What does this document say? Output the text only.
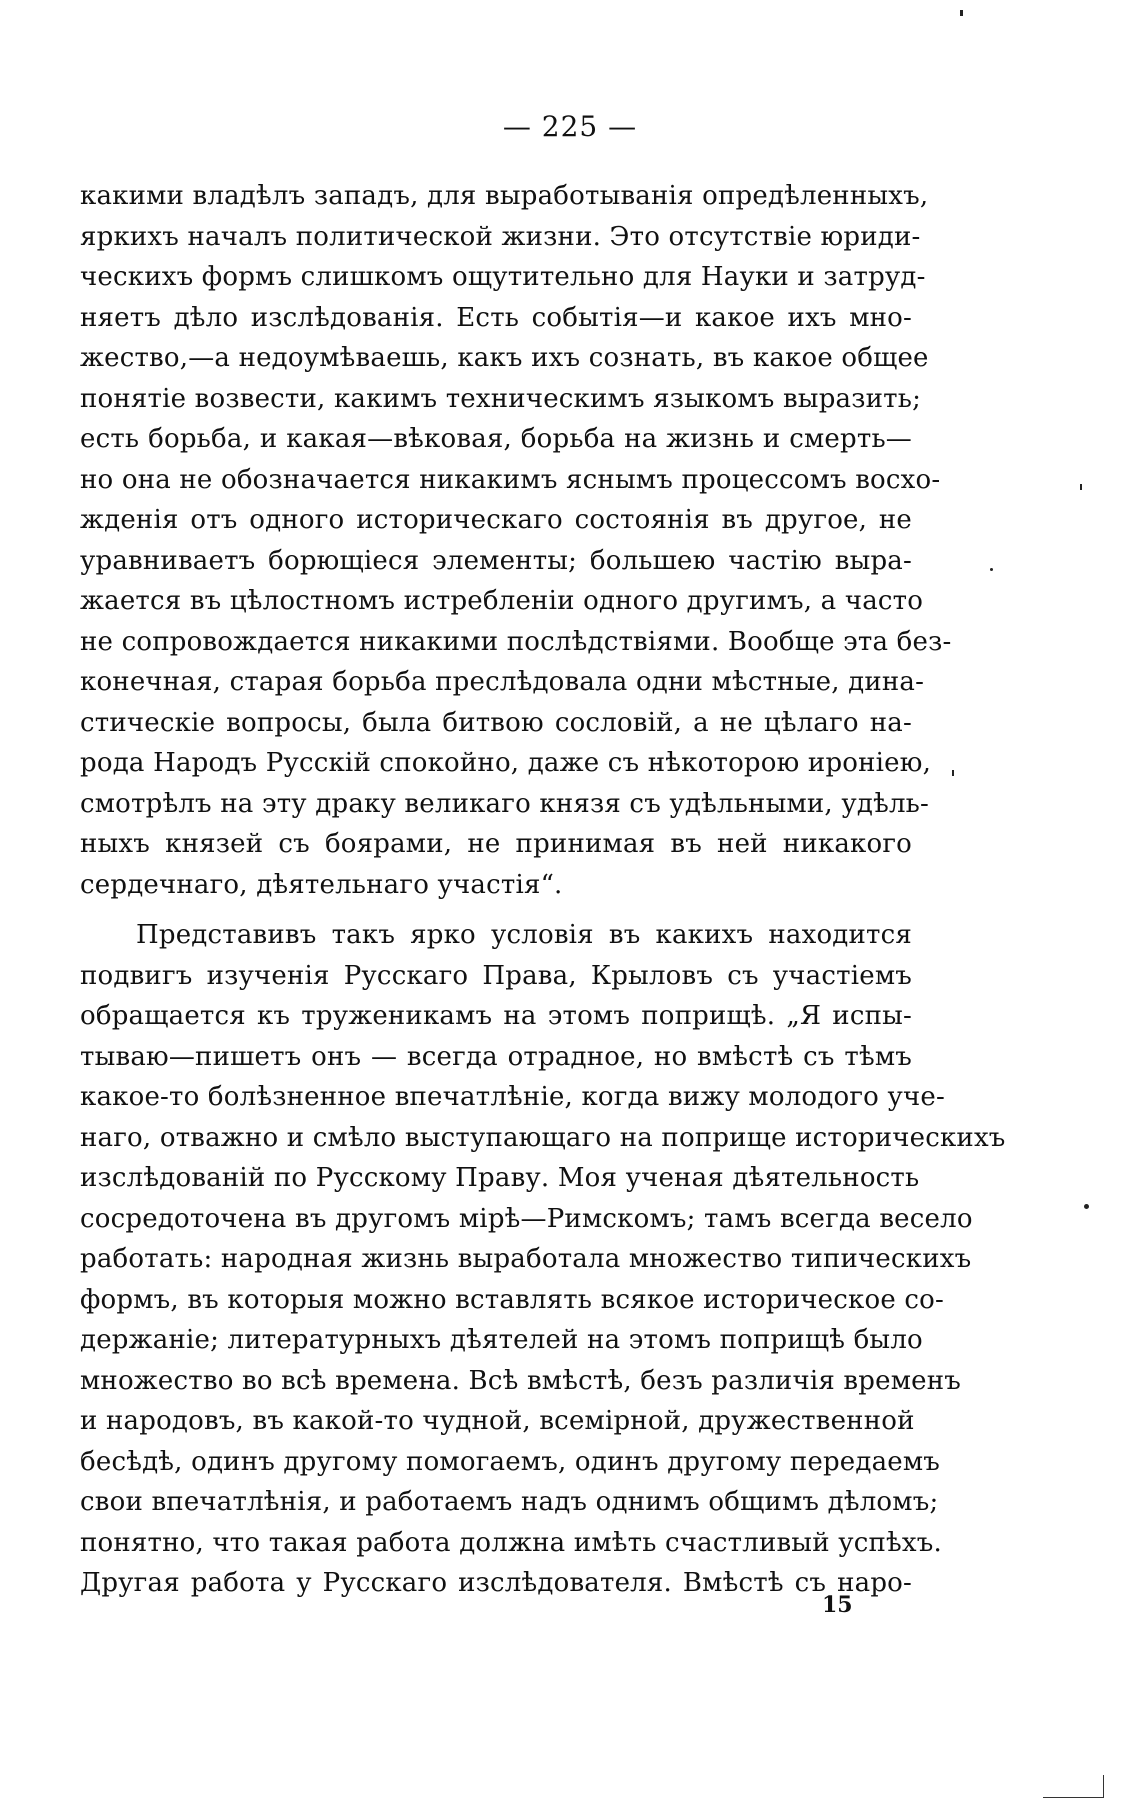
— 225 —
какими владѣлъ западъ, для выработыванія опредѣленныхъ,
яркихъ началъ политической жизни. Это отсутствіе юриди-
ческихъ формъ слишкомъ ощутительно для Науки и затруд-
няетъ дѣло изслѣдованія. Есть событія—и какое ихъ мно-
жество,—а недоумѣваешь, какъ ихъ сознать, въ какое общее
понятіе возвести, какимъ техническимъ языкомъ выразить;
есть борьба, и какая—вѣковая, борьба на жизнь и смерть—
но она не обозначается никакимъ яснымъ процессомъ восхо-
жденія отъ одного историческаго состоянія въ другое, не
уравниваетъ борющіеся элементы; большею частію выра-
жается въ цѣлостномъ истребленіи одного другимъ, а часто
не сопровождается никакими послѣдствіями. Вообще эта без-
конечная, старая борьба преслѣдовала одни мѣстные, дина-
стическіе вопросы, была битвою сословій, а не цѣлаго на-
рода Народъ Русскій спокойно, даже съ нѣкоторою ироніею,
смотрѣлъ на эту драку великаго князя съ удѣльными, удѣль-
ныхъ князей съ боярами, не принимая въ ней никакого
сердечнаго, дѣятельнаго участія“.
Представивъ такъ ярко условія въ какихъ находится
подвигъ изученія Русскаго Права, Крыловъ съ участіемъ
обращается къ труженикамъ на этомъ поприщѣ. „Я испы-
тываю—пишетъ онъ — всегда отрадное, но вмѣстѣ съ тѣмъ
какое-то болѣзненное впечатлѣніе, когда вижу молодого уче-
наго, отважно и смѣло выступающаго на поприще историческихъ
изслѣдованій по Русскому Праву. Моя ученая дѣятельность
сосредоточена въ другомъ мірѣ—Римскомъ; тамъ всегда весело
работать: народная жизнь выработала множество типическихъ
формъ, въ которыя можно вставлять всякое историческое со-
держаніе; литературныхъ дѣятелей на этомъ поприщѣ было
множество во всѣ времена. Всѣ вмѣстѣ, безъ различія временъ
и народовъ, въ какой-то чудной, всемірной, дружественной
бесѣдѣ, одинъ другому помогаемъ, одинъ другому передаемъ
свои впечатлѣнія, и работаемъ надъ однимъ общимъ дѣломъ;
понятно, что такая работа должна имѣть счастливый успѣхъ.
Другая работа у Русскаго изслѣдователя. Вмѣстѣ съ наро-
15
